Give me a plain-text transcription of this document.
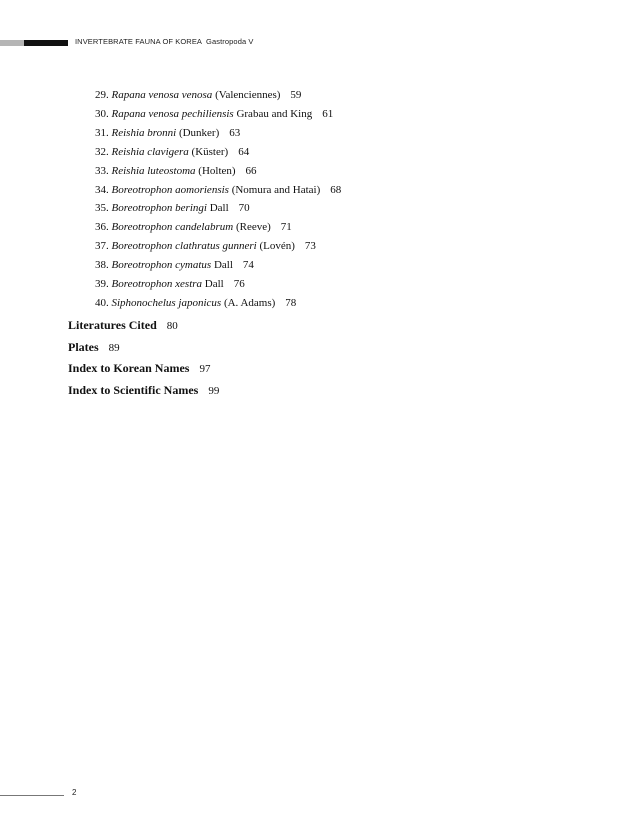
INVERTEBRATE FAUNA OF KOREA Gastropoda V
29. Rapana venosa venosa (Valenciennes) 59
30. Rapana venosa pechiliensis Grabau and King 61
31. Reishia bronni (Dunker) 63
32. Reishia clavigera (Küster) 64
33. Reishia luteostoma (Holten) 66
34. Boreotrophon aomoriensis (Nomura and Hatai) 68
35. Boreotrophon beringi Dall 70
36. Boreotrophon candelabrum (Reeve) 71
37. Boreotrophon clathratus gunneri (Lovén) 73
38. Boreotrophon cymatus Dall 74
39. Boreotrophon xestra Dall 76
40. Siphonochelus japonicus (A. Adams) 78
Literatures Cited 80
Plates 89
Index to Korean Names 97
Index to Scientific Names 99
2
